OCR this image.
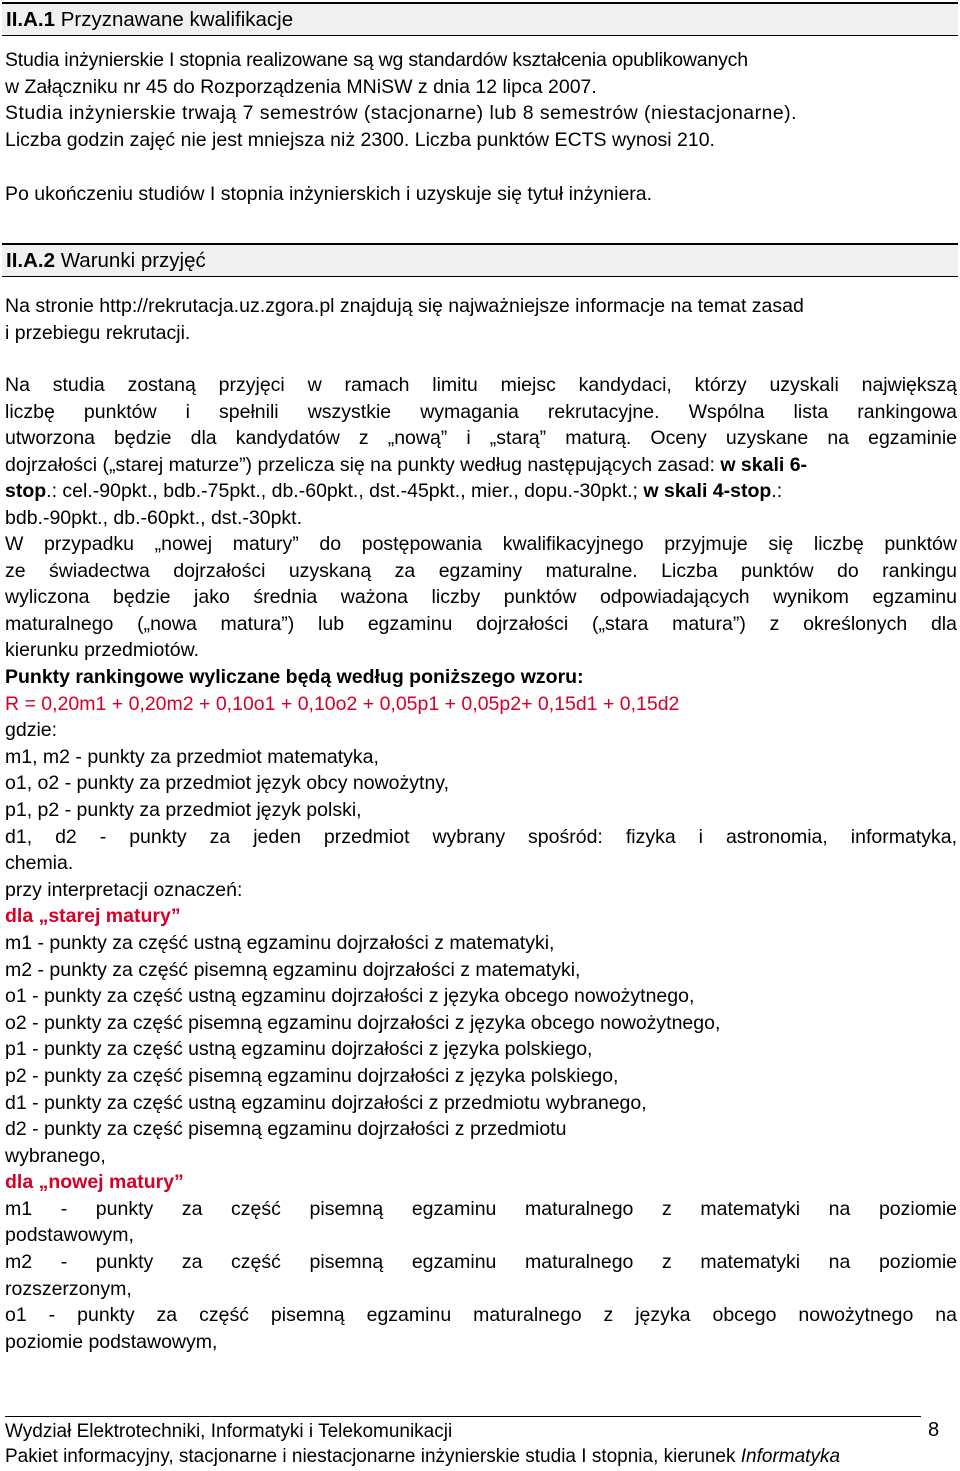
II.A.1 Przyznawane kwalifikacje
Studia inżynierskie I stopnia realizowane są wg standardów kształcenia opublikowanych
w Załączniku nr 45 do Rozporządzenia MNiSW z dnia 12 lipca 2007.
Studia inżynierskie trwają 7 semestrów (stacjonarne) lub 8 semestrów (niestacjonarne).
Liczba godzin zajęć nie jest mniejsza niż 2300. Liczba punktów ECTS wynosi 210.
Po ukończeniu studiów I stopnia inżynierskich i uzyskuje się tytuł inżyniera.
II.A.2 Warunki przyjęć
Na stronie http://rekrutacja.uz.zgora.pl znajdują się najważniejsze informacje na temat zasad
i przebiegu rekrutacji.
Na studia zostaną przyjęci w ramach limitu miejsc kandydaci, którzy uzyskali największą
liczbę punktów i spełnili wszystkie wymagania rekrutacyjne. Wspólna lista rankingowa
utworzona będzie dla kandydatów z „nową” i „starą” maturą. Oceny uzyskane na egzaminie
dojrzałości („starej maturze”) przelicza się na punkty według następujących zasad: w skali 6-
stop.: cel.-90pkt., bdb.-75pkt., db.-60pkt., dst.-45pkt., mier., dopu.-30pkt.; w skali 4-stop.:
bdb.-90pkt., db.-60pkt., dst.-30pkt.
W przypadku „nowej matury” do postępowania kwalifikacyjnego przyjmuje się liczbę punktów
ze świadectwa dojrzałości uzyskaną za egzaminy maturalne. Liczba punktów do rankingu
wyliczona będzie jako średnia ważona liczby punktów odpowiadających wynikom egzaminu
maturalnego („nowa matura”) lub egzaminu dojrzałości („stara matura”) z określonych dla
kierunku przedmiotów.
Punkty rankingowe wyliczane będą według poniższego wzoru:
R = 0,20m1 + 0,20m2 + 0,10o1 + 0,10o2 + 0,05p1 + 0,05p2+ 0,15d1 + 0,15d2
gdzie:
m1, m2 - punkty za przedmiot matematyka,
o1, o2 - punkty za przedmiot język obcy nowożytny,
p1, p2 - punkty za przedmiot język polski,
d1, d2 - punkty za jeden przedmiot wybrany spośród: fizyka i astronomia, informatyka,
chemia.
przy interpretacji oznaczeń:
dla „starej matury”
m1 - punkty za część ustną egzaminu dojrzałości z matematyki,
m2 - punkty za część pisemną egzaminu dojrzałości z matematyki,
o1 - punkty za część ustną egzaminu dojrzałości z języka obcego nowożytnego,
o2 - punkty za część pisemną egzaminu dojrzałości z języka obcego nowożytnego,
p1 - punkty za część ustną egzaminu dojrzałości z języka polskiego,
p2 - punkty za część pisemną egzaminu dojrzałości z języka polskiego,
d1 - punkty za część ustną egzaminu dojrzałości z przedmiotu wybranego,
d2 - punkty za część pisemną egzaminu dojrzałości z przedmiotu
wybranego,
dla „nowej matury”
m1 - punkty za część pisemną egzaminu maturalnego z matematyki na poziomie
podstawowym,
m2 - punkty za część pisemną egzaminu maturalnego z matematyki na poziomie
rozszerzonym,
o1 - punkty za część pisemną egzaminu maturalnego z języka obcego nowożytnego na
poziomie podstawowym,
Wydział Elektrotechniki, Informatyki i Telekomunikacji
Pakiet informacyjny, stacjonarne i niestacjonarne inżynierskie studia I stopnia, kierunek Informatyka
8
